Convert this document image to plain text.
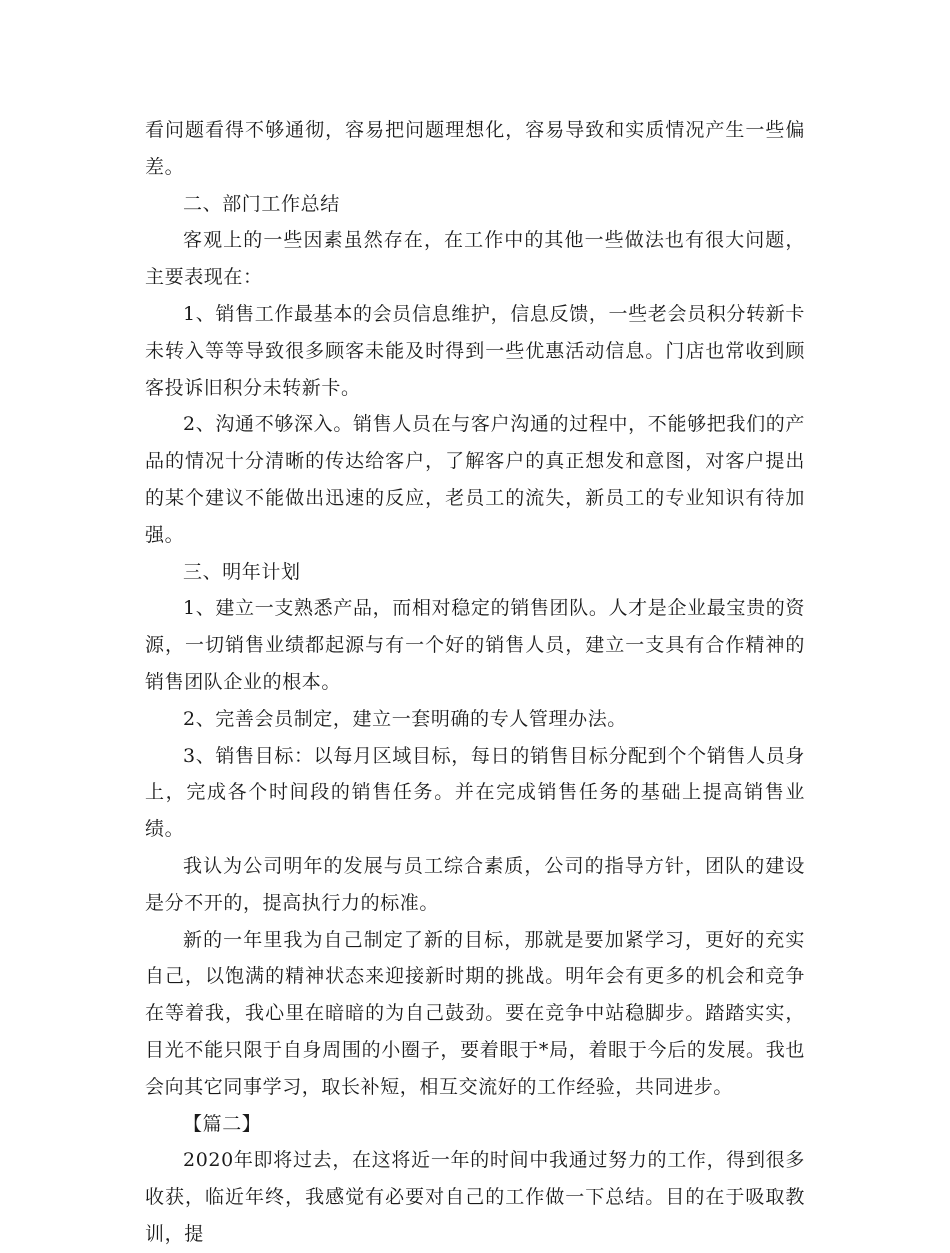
看问题看得不够通彻，容易把问题理想化，容易导致和实质情况产生一些偏差。

二、部门工作总结

客观上的一些因素虽然存在，在工作中的其他一些做法也有很大问题，主要表现在：

1、销售工作最基本的会员信息维护，信息反馈，一些老会员积分转新卡未转入等等导致很多顾客未能及时得到一些优惠活动信息。门店也常收到顾客投诉旧积分未转新卡。

2、沟通不够深入。销售人员在与客户沟通的过程中，不能够把我们的产品的情况十分清晰的传达给客户，了解客户的真正想发和意图，对客户提出的某个建议不能做出迅速的反应，老员工的流失，新员工的专业知识有待加强。

三、明年计划

1、建立一支熟悉产品，而相对稳定的销售团队。人才是企业最宝贵的资源，一切销售业绩都起源与有一个好的销售人员，建立一支具有合作精神的销售团队企业的根本。

2、完善会员制定，建立一套明确的专人管理办法。

3、销售目标：以每月区域目标，每日的销售目标分配到个个销售人员身上，完成各个时间段的销售任务。并在完成销售任务的基础上提高销售业绩。

我认为公司明年的发展与员工综合素质，公司的指导方针，团队的建设是分不开的，提高执行力的标准。

新的一年里我为自己制定了新的目标，那就是要加紧学习，更好的充实自己，以饱满的精神状态来迎接新时期的挑战。明年会有更多的机会和竞争在等着我，我心里在暗暗的为自己鼓劲。要在竞争中站稳脚步。踏踏实实，目光不能只限于自身周围的小圈子，要着眼于*局，着眼于今后的发展。我也会向其它同事学习，取长补短，相互交流好的工作经验，共同进步。

【篇二】

2020年即将过去，在这将近一年的时间中我通过努力的工作，得到很多收获，临近年终，我感觉有必要对自己的工作做一下总结。目的在于吸取教训，提
